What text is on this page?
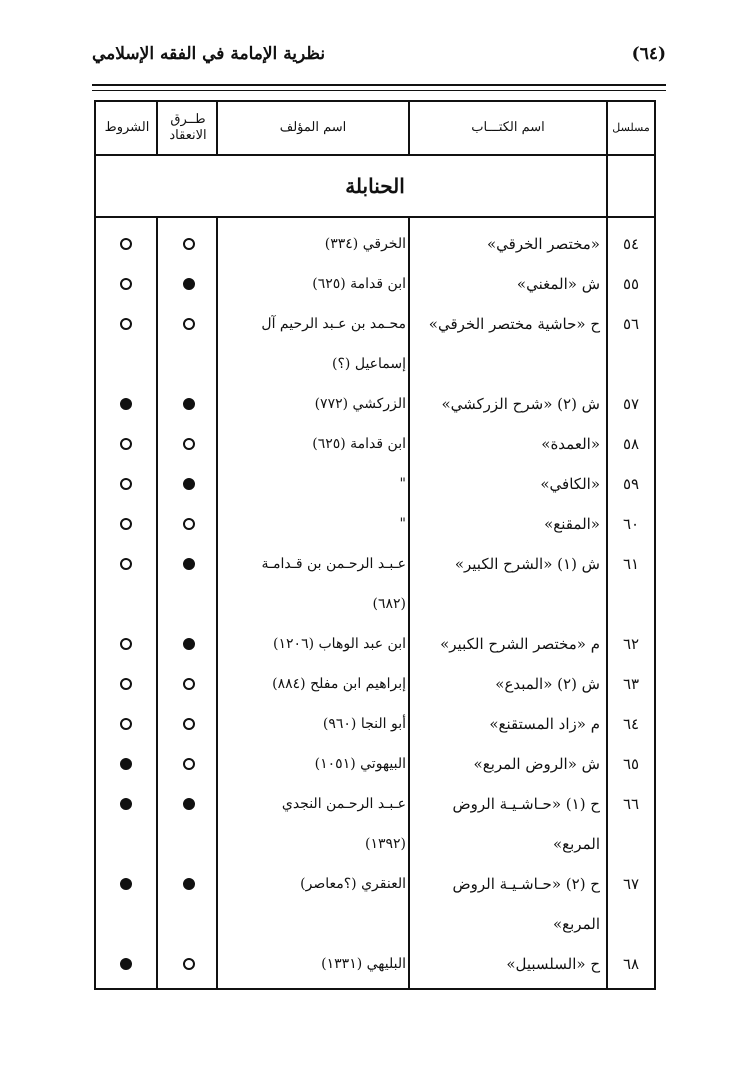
(٦٤)
نظرية الإمامة في الفقه الإسلامي
مسلسل
اسم الكتـــاب
اسم المؤلف
طــرق الانعقاد
الشروط
الحنابلة
٥٤
«مختصر الخرقي»
الخرقي (٣٣٤)
٥٥
ش «المغني»
ابن قدامة (٦٢٥)
٥٦
ح «حاشية مختصر الخرقي»
محـمد بن عـبد الرحيم آل
إسماعيل (؟)
٥٧
ش (٢) «شرح الزركشي»
الزركشي (٧٧٢)
٥٨
«العمدة»
ابن قدامة (٦٢٥)
٥٩
«الكافي»
"
٦٠
«المقنع»
"
٦١
ش (١) «الشرح الكبير»
عـبـد الرحـمن بن قـدامـة
(٦٨٢)
٦٢
م «مختصر الشرح الكبير»
ابن عبد الوهاب (١٢٠٦)
٦٣
ش (٢) «المبدع»
إبراهيم ابن مفلح (٨٨٤)
٦٤
م «زاد المستقنع»
أبو النجا (٩٦٠)
٦٥
ش «الروض المربع»
البيهوتي (١٠٥١)
٦٦
ح (١) «حـاشـيـة الروض
عـبـد الرحـمن النجدي
(١٣٩٢)	المربع»
٦٧
ح (٢) «حـاشـيـة الروض
العنقري (؟معاصر)
المربع»
٦٨
ح «السلسبيل»
البليهي (١٣٣١)
